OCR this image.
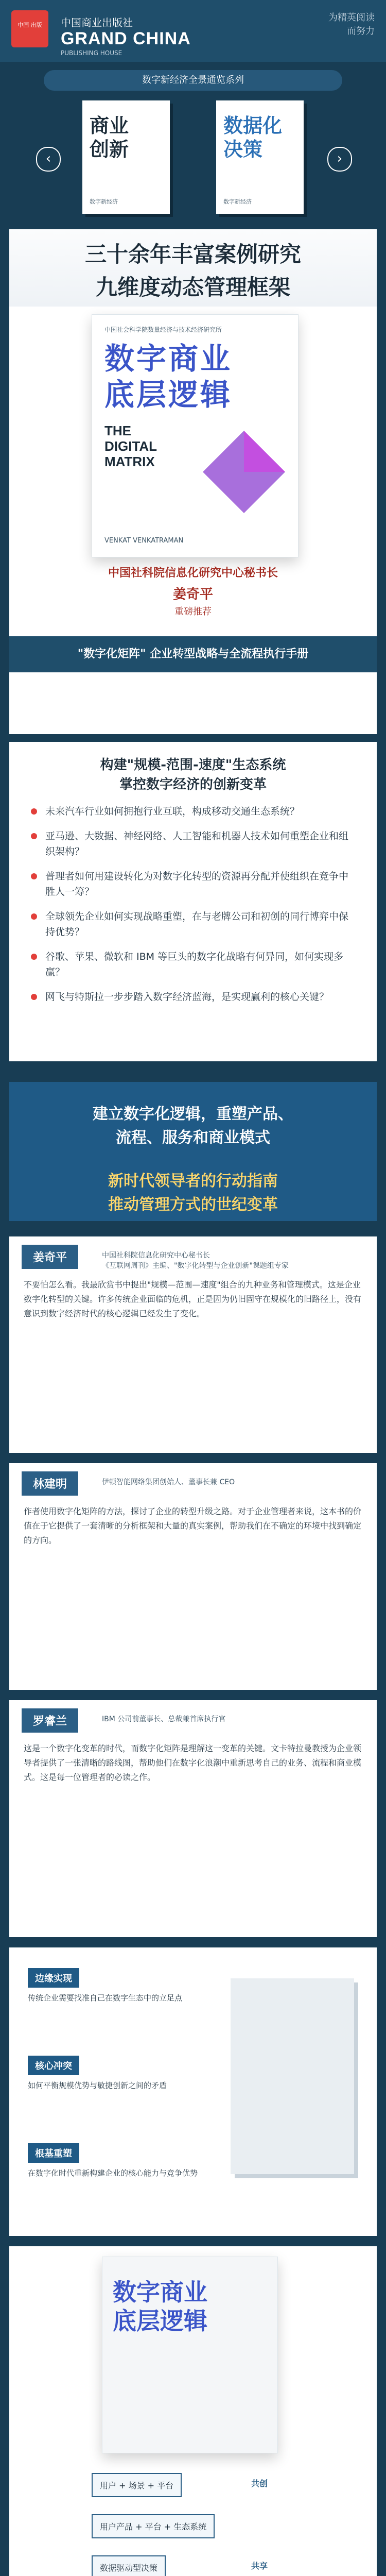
中国 出版	中国商业出版社
GRAND CHINA
PUBLISHING HOUSE
为精英阅读
而努力
数字新经济全景通览系列
‹
商业
创新
数字新经济
数据化
决策
数字新经济
›
三十余年丰富案例研究
九维度动态管理框架
中国社会科学院数量经济与技术经济研究所
数字商业
底层逻辑
THE
DIGITAL
MATRIX
VENKAT VENKATRAMAN
中国社科院信息化研究中心秘书长
姜奇平
重磅推荐
"数字化矩阵" 企业转型战略与全流程执行手册
构建"规模-范围-速度"生态系统
掌控数字经济的创新变革
未来汽车行业如何拥抱行业互联，构成移动交通生态系统？
亚马逊、大数据、神经网络、人工智能和机器人技术如何重塑企业和组织架构？
普理者如何用建设转化为对数字化转型的资源再分配并使组织在竞争中胜人一筹？
全球领先企业如何实现战略重塑，在与老牌公司和初创的同行博弈中保持优势？
谷歌、苹果、微软和 IBM 等巨头的数字化战略有何异同，如何实现多赢？
网飞与特斯拉一步步踏入数字经济蓝海，是实现赢利的核心关键？
建立数字化逻辑，重塑产品、
流程、服务和商业模式
新时代领导者的行动指南
推动管理方式的世纪变革
姜奇平	中国社科院信息化研究中心秘书长
《互联网周刊》主编、"数字化转型与企业创新"课题组专家
不要怕怎么看。我最欣赏书中提出"规模—范围—速度"组合的九种业务和管理模式。这是企业数字化转型的关键。许多传统企业面临的危机，正是因为仍旧固守在规模化的旧路径上，没有意识到数字经济时代的核心逻辑已经发生了变化。
林建明	伊顿智能网络集团创始人、董事长兼 CEO
作者使用数字化矩阵的方法，探讨了企业的转型升级之路。对于企业管理者来说，这本书的价值在于它提供了一套清晰的分析框架和大量的真实案例，帮助我们在不确定的环境中找到确定的方向。
罗睿兰	IBM 公司前董事长、总裁兼首席执行官
这是一个数字化变革的时代，而数字化矩阵是理解这一变革的关键。文卡特拉曼教授为企业领导者提供了一张清晰的路线图，帮助他们在数字化浪潮中重新思考自己的业务、流程和商业模式。这是每一位管理者的必读之作。
边缘实现
传统企业需要找准自己在数字生态中的立足点
核心冲突
如何平衡规模优势与敏捷创新之间的矛盾
根基重塑
在数字化时代重新构建企业的核心能力与竞争优势
数字商业
底层逻辑
用户 + 场景 + 平台
用户产品 + 平台 + 生态系统
数据驱动型决策
共创
共享
